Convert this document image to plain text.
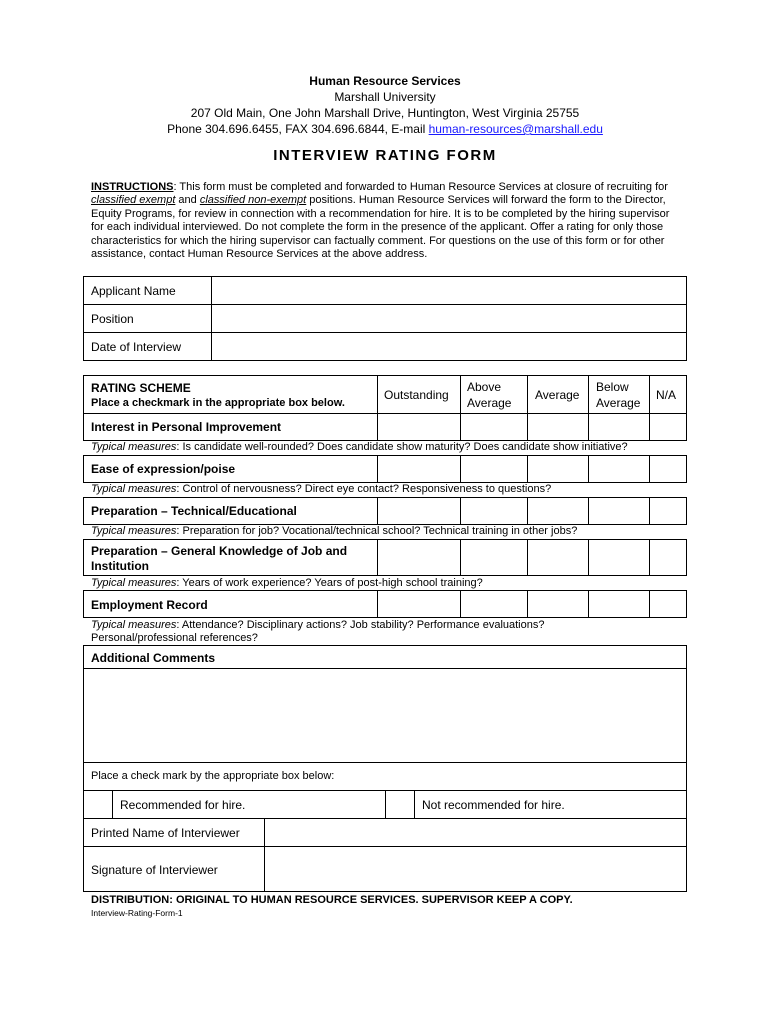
Human Resource Services
Marshall University
207 Old Main, One John Marshall Drive, Huntington, West Virginia 25755
Phone 304.696.6455, FAX 304.696.6844, E-mail human-resources@marshall.edu
INTERVIEW RATING FORM
INSTRUCTIONS: This form must be completed and forwarded to Human Resource Services at closure of recruiting for
classified exempt and classified non-exempt positions. Human Resource Services will forward the form to the Director,
Equity Programs, for review in connection with a recommendation for hire. It is to be completed by the hiring supervisor
for each individual interviewed. Do not complete the form in the presence of the applicant. Offer a rating for only those
characteristics for which the hiring supervisor can factually comment. For questions on the use of this form or for other
assistance, contact Human Resource Services at the above address.
Applicant Name
Position
Date of Interview
RATING SCHEME
Place a checkmark in the appropriate box below.
Outstanding
Above
Average
Average
Below
Average
N/A
Interest in Personal Improvement
Typical measures: Is candidate well-rounded? Does candidate show maturity? Does candidate show initiative?
Ease of expression/poise
Typical measures: Control of nervousness? Direct eye contact? Responsiveness to questions?
Preparation – Technical/Educational
Typical measures: Preparation for job? Vocational/technical school? Technical training in other jobs?
Preparation – General Knowledge of Job and
Institution
Typical measures: Years of work experience? Years of post-high school training?
Employment Record
Typical measures: Attendance? Disciplinary actions? Job stability? Performance evaluations?
Personal/professional references?
Additional Comments
Place a check mark by the appropriate box below:
Recommended for hire.	Not recommended for hire.
Printed Name of Interviewer
Signature of Interviewer
DISTRIBUTION: ORIGINAL TO HUMAN RESOURCE SERVICES. SUPERVISOR KEEP A COPY.
Interview-Rating-Form-1
